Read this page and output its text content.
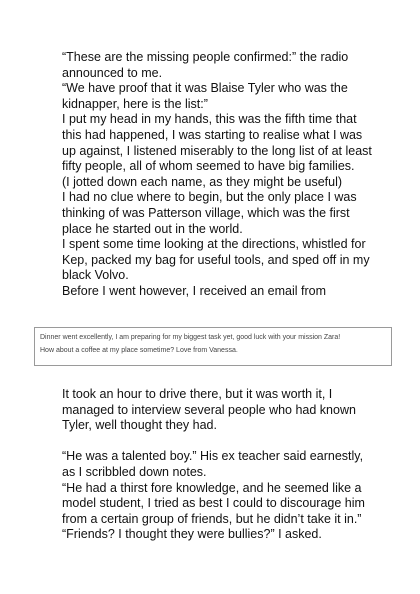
“These are the missing people confirmed:” the radio announced to me.

“We have proof that it was Blaise Tyler who was the kidnapper, here is the list:”

I put my head in my hands, this was the fifth time that this had happened, I was starting to realise what I was up against, I listened miserably to the long list of at least fifty people, all of whom seemed to have big families.

(I jotted down each name, as they might be useful)

I had no clue where to begin, but the only place I was thinking of was Patterson village, which was the first place he started out in the world.

I spent some time looking at the directions, whistled for Kep, packed my bag for useful tools, and sped off in my black Volvo.

Before I went however, I received an email from

Dinner went excellently, I am preparing for my biggest task yet, good luck with your mission Zara!

How about a coffee at my place sometime? Love from Vanessa.

It took an hour to drive there, but it was worth it, I managed to interview several people who had known Tyler, well thought they had.

“He was a talented boy.” His ex teacher said earnestly, as I scribbled down notes.

“He had a thirst fore knowledge, and he seemed like a model student, I tried as best I could to discourage him from a certain group of friends, but he didn’t take it in.”

“Friends? I thought they were bullies?” I asked.
